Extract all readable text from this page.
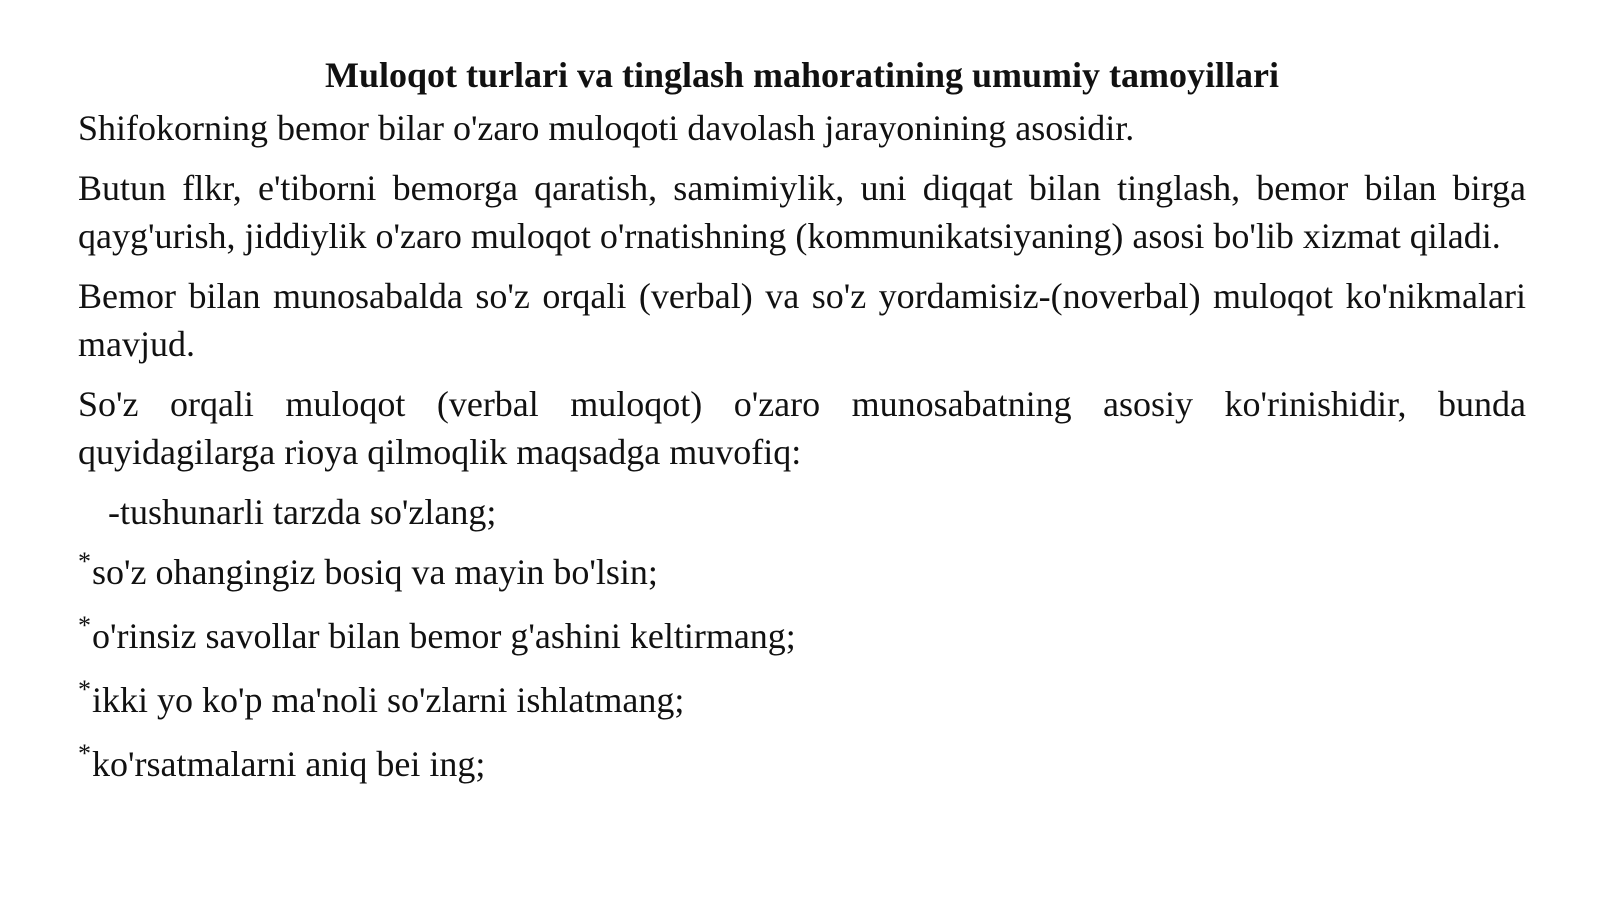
Muloqot turlari va tinglash mahoratining umumiy tamoyillari
Shifokorning bemor bilar o'zaro muloqoti davolash jarayonining asosidir.
Butun flkr, e'tiborni bemorga qaratish, samimiylik, uni diqqat bilan tinglash, bemor bilan birga qayg'urish, jiddiylik o'zaro muloqot o'rnatishning (kommunikatsiyaning) asosi bo'lib xizmat qiladi.
Bemor bilan munosabalda so'z orqali (verbal) va so'z yordamisiz-(noverbal) muloqot ko'nikmalari mavjud.
So'z orqali muloqot (verbal muloqot) o'zaro munosabatning asosiy ko'rinishidir, bunda quyidagilarga rioya qilmoqlik maqsadga muvofiq:
-tushunarli tarzda so'zlang;
*so'z ohangingiz bosiq va mayin bo'lsin;
*o'rinsiz savollar bilan bemor g'ashini keltirmang;
*ikki yo ko'p ma'noli so'zlarni ishlatmang;
*ko'rsatmalarni aniq bei ing;
